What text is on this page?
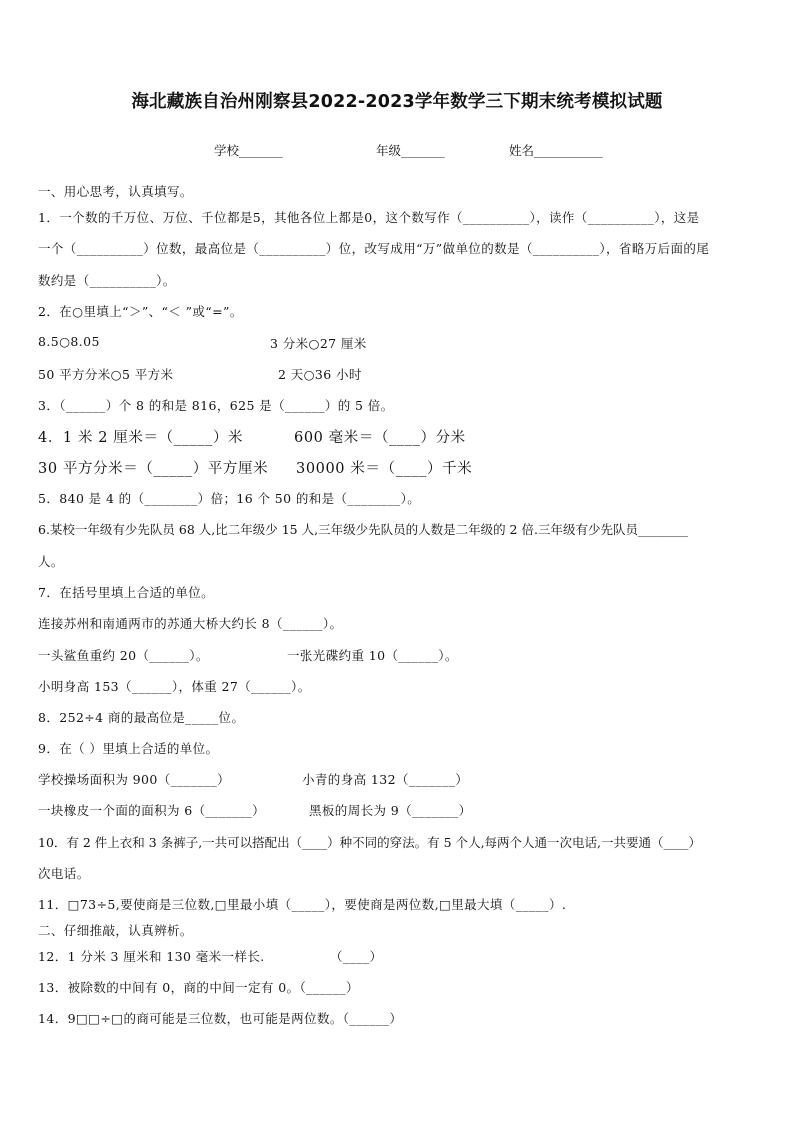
海北藏族自治州刚察县2022-2023学年数学三下期末统考模拟试题
学校_______	年级_______	姓名___________
一、用心思考，认真填写。
1．一个数的千万位、万位、千位都是5，其他各位上都是0，这个数写作（__________），读作（__________），这是
一个（__________）位数，最高位是（__________）位，改写成用“万”做单位的数是（__________），省略万后面的尾
数约是（__________）。
2．在○里填上“＞”、“＜ ”或“=”。
8.5○8.05	3 分米○27 厘米
50 平方分米○5 平方米	2 天○36 小时
3．（______）个 8 的和是 816，625 是（______）的 5 倍。
4．1 米 2 厘米＝（_____）米	600 毫米＝（____）分米
30 平方分米＝（_____）平方厘米 30000 米＝（____）千米
5．840 是 4 的（________）倍；16 个 50 的和是（________）。
6.某校一年级有少先队员 68 人,比二年级少 15 人,三年级少先队员的人数是二年级的 2 倍.三年级有少先队员________
人。
7．在括号里填上合适的单位。
连接苏州和南通两市的苏通大桥大约长 8（______）。
一头鲨鱼重约 20（______）。	一张光碟约重 10（______）。
小明身高 153（______），体重 27（______）。
8．252÷4 商的最高位是_____位。
9．在（ ）里填上合适的单位。
学校操场面积为 900（_______）	小青的身高 132（_______）
一块橡皮一个面的面积为 6（_______）	黑板的周长为 9（_______）
10．有 2 件上衣和 3 条裤子,一共可以搭配出（____）种不同的穿法。有 5 个人,每两个人通一次电话,一共要通（____）
次电话。
11．□73÷5,要使商是三位数,□里最小填（_____），要使商是两位数,□里最大填（_____）.
二、仔细推敲，认真辨析。
12．1 分米 3 厘米和 130 毫米一样长.	（____）
13．被除数的中间有 0，商的中间一定有 0。（______）
14．9□□÷□的商可能是三位数，也可能是两位数。（______）
